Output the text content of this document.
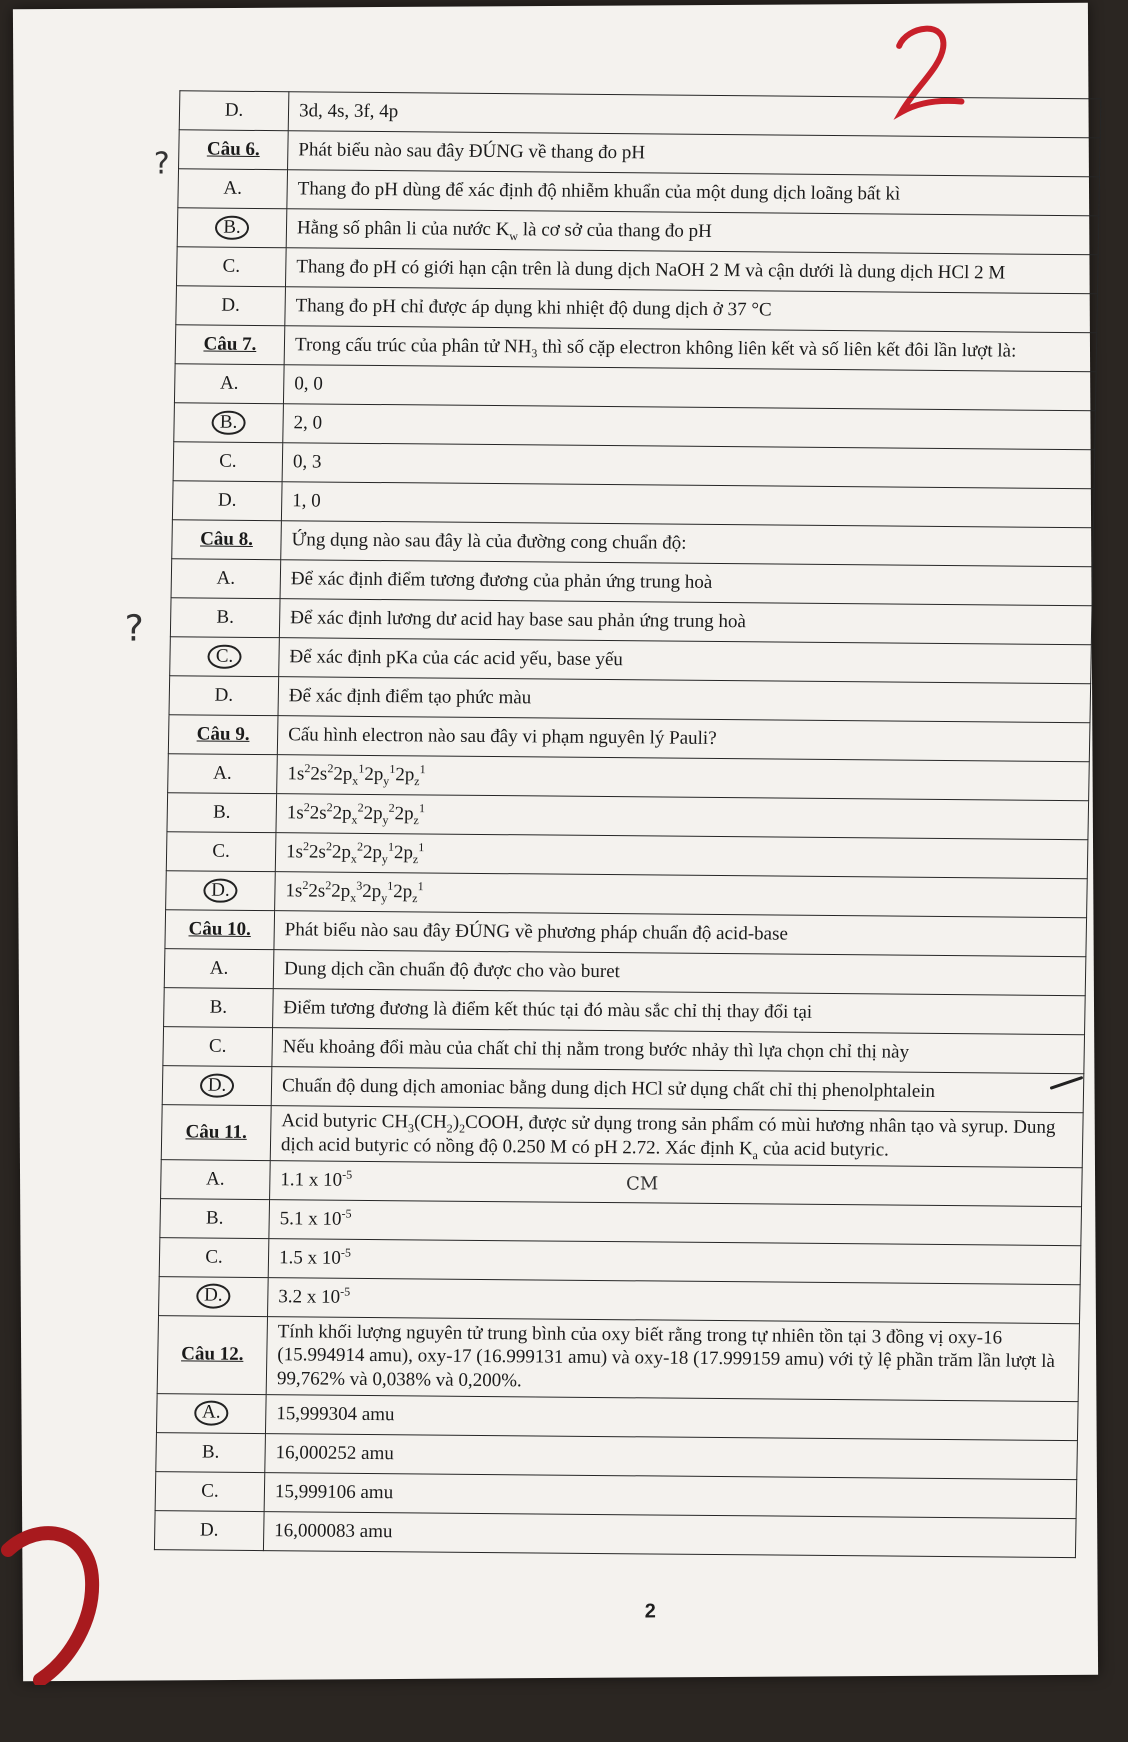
?
?
CM
D.	3d, 4s, 3f, 4p
Câu 6.	Phát biểu nào sau đây ĐÚNG về thang đo pH
A.	Thang đo pH dùng để xác định độ nhiễm khuẩn của một dung dịch loãng bất kì
B.	Hằng số phân li của nước $K_w$ là cơ sở của thang đo pH
C.	Thang đo pH có giới hạn cận trên là dung dịch NaOH 2 M và cận dưới là dung dịch HCl 2 M
D.	Thang đo pH chỉ được áp dụng khi nhiệt độ dung dịch ở 37 °C
Câu 7.	Trong cấu trúc của phân tử $NH_3$ thì số cặp electron không liên kết và số liên kết đôi lần lượt là:
A.	0, 0
B.	2, 0
C.	0, 3
D.	1, 0
Câu 8.	Ứng dụng nào sau đây là của đường cong chuẩn độ:
A.	Để xác định điểm tương đương của phản ứng trung hoà
B.	Để xác định lương dư acid hay base sau phản ứng trung hoà
C.	Để xác định pKa của các acid yếu, base yếu
D.	Để xác định điểm tạo phức màu
Câu 9.	Cấu hình electron nào sau đây vi phạm nguyên lý Pauli?
A.	$1s^22s^22p_x^12p_y^12p_z^1$
B.	$1s^22s^22p_x^22p_y^22p_z^1$
C.	$1s^22s^22p_x^22p_y^12p_z^1$
D.	$1s^22s^22p_x^32p_y^12p_z^1$
Câu 10.	Phát biểu nào sau đây ĐÚNG về phương pháp chuẩn độ acid-base
A.	Dung dịch cần chuẩn độ được cho vào buret
B.	Điểm tương đương là điểm kết thúc tại đó màu sắc chỉ thị thay đổi tại
C.	Nếu khoảng đổi màu của chất chỉ thị nằm trong bước nhảy thì lựa chọn chỉ thị này
D.	Chuẩn độ dung dịch amoniac bằng dung dịch HCl sử dụng chất chỉ thị phenolphtalein
Câu 11.	Acid butyric $CH_3(CH_2)_2COOH$, được sử dụng trong sản phẩm có mùi hương nhân tạo và syrup. Dung dịch acid butyric có nồng độ 0.250 M có pH 2.72. Xác định $K_a$ của acid butyric.
A.	1.1 x $10^{-5}$
B.	5.1 x $10^{-5}$
C.	1.5 x $10^{-5}$
D.	3.2 x $10^{-5}$
Câu 12.	Tính khối lượng nguyên tử trung bình của oxy biết rằng trong tự nhiên tồn tại 3 đồng vị oxy-16 (15.994914 amu), oxy-17 (16.999131 amu) và oxy-18 (17.999159 amu) với tỷ lệ phần trăm lần lượt là 99,762% và 0,038% và 0,200%.
A.	15,999304 amu
B.	16,000252 amu
C.	15,999106 amu
D.	16,000083 amu
2
